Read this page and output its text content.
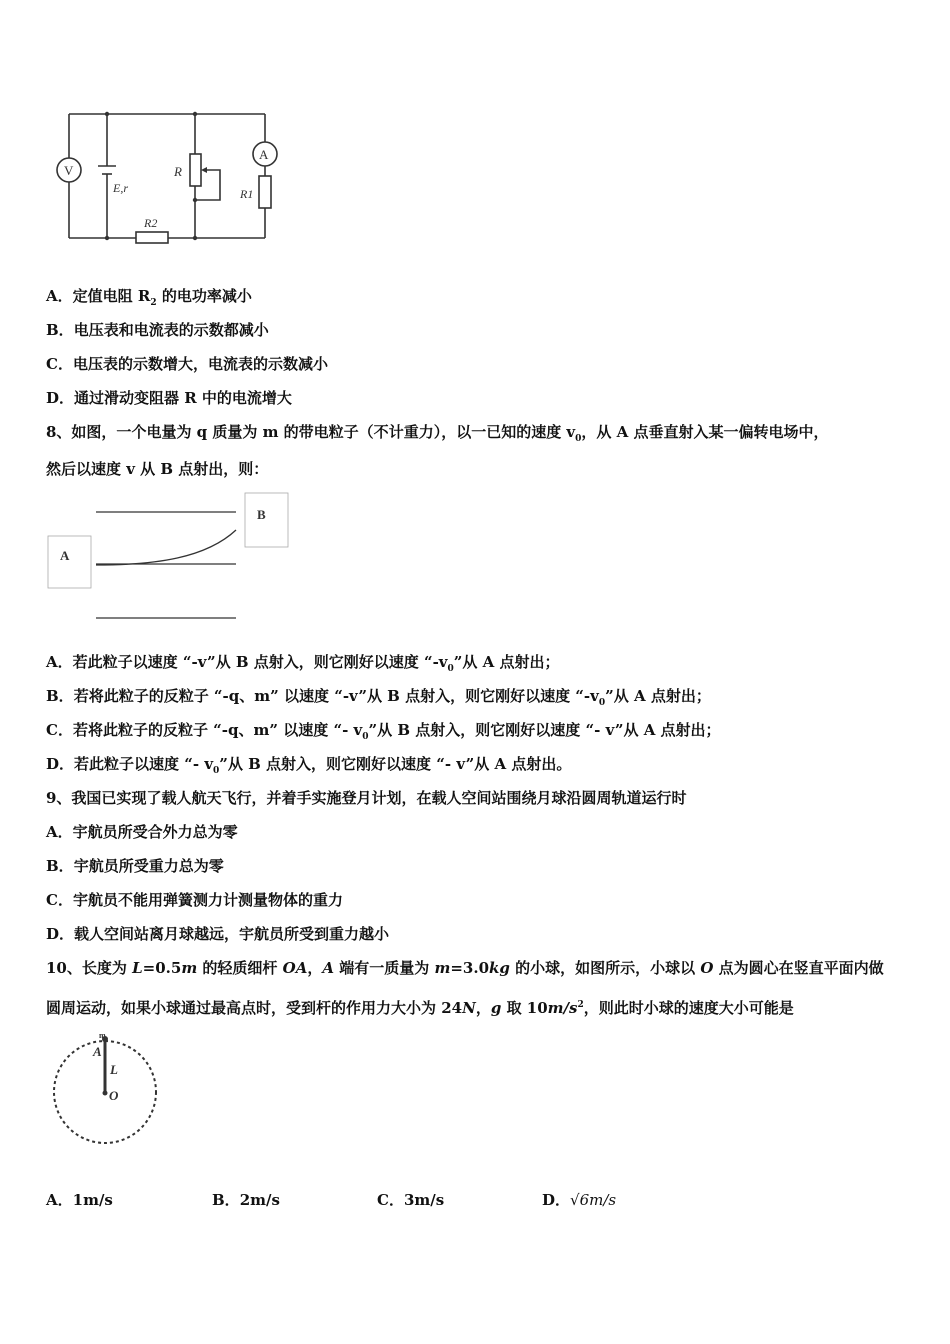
V
A
E,r
R
R1
R2
A．定值电阻 $R_2$ 的电功率减小
B．电压表和电流表的示数都减小
C．电压表的示数增大，电流表的示数减小
D．通过滑动变阻器 R 中的电流增大
8、如图，一个电量为 q 质量为 m 的带电粒子（不计重力），以一已知的速度 $v_0$，从 A 点垂直射入某一偏转电场中，
然后以速度 v 从 B 点射出，则：
A
B
A．若此粒子以速度 “-v”从 B 点射入，则它刚好以速度 “$-v_0$”从 A 点射出；
B．若将此粒子的反粒子 “-q、m” 以速度 “-v”从 B 点射入，则它刚好以速度 “$-v_0$”从 A 点射出；
C．若将此粒子的反粒子 “-q、m” 以速度 “- $v_0$”从 B 点射入，则它刚好以速度 “- v”从 A 点射出；
D．若此粒子以速度 “- $v_0$”从 B 点射入，则它刚好以速度 “- v”从 A 点射出。
9、我国已实现了载人航天飞行，并着手实施登月计划，在载人空间站围绕月球沿圆周轨道运行时
A．宇航员所受合外力总为零
B．宇航员所受重力总为零
C．宇航员不能用弹簧测力计测量物体的重力
D．载人空间站离月球越远，宇航员所受到重力越小
10、长度为 L=0.5m 的轻质细杆 OA，A 端有一质量为 m=3.0kg 的小球，如图所示，小球以 O 点为圆心在竖直平面内做
圆周运动，如果小球通过最高点时，受到杆的作用力大小为 24N，g 取 $10m/s^2$，则此时小球的速度大小可能是
m
A
L
O
A．1m/s	B．2m/s	C．3m/s	D．√6m/s
